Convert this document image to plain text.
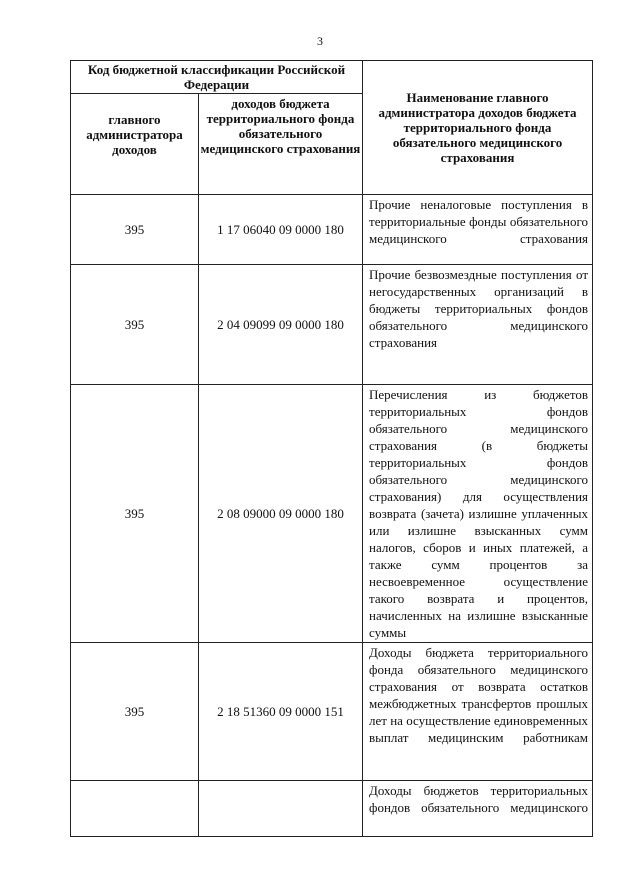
3
Код бюджетной классификации Российской Федерации		Наименование главного администратора доходов бюджета территориального фонда обязательного медицинского страхования
главного администратора доходов	доходов бюджета территориального фонда обязательного медицинского страхования	
395	1 17 06040 09 0000 180	Прочие неналоговые поступления в территориальные фонды обязательного медицинского страхования
395	2 04 09099 09 0000 180	Прочие безвозмездные поступления от негосударственных организаций в бюджеты территориальных фондов обязательного медицинского страхования
395	2 08 09000 09 0000 180	Перечисления из бюджетов территориальных фондов обязательного медицинского страхования (в бюджеты территориальных фондов обязательного медицинского страхования) для осуществления возврата (зачета) излишне уплаченных или излишне взысканных сумм налогов, сборов и иных платежей, а также сумм процентов за несвоевременное осуществление такого возврата и процентов, начисленных на излишне взысканные суммы
395	2 18 51360 09 0000 151	Доходы бюджета территориального фонда обязательного медицинского страхования от возврата остатков межбюджетных трансфертов прошлых лет на осуществление единовременных выплат медицинским работникам
		Доходы бюджетов территориальных фондов обязательного медицинского
